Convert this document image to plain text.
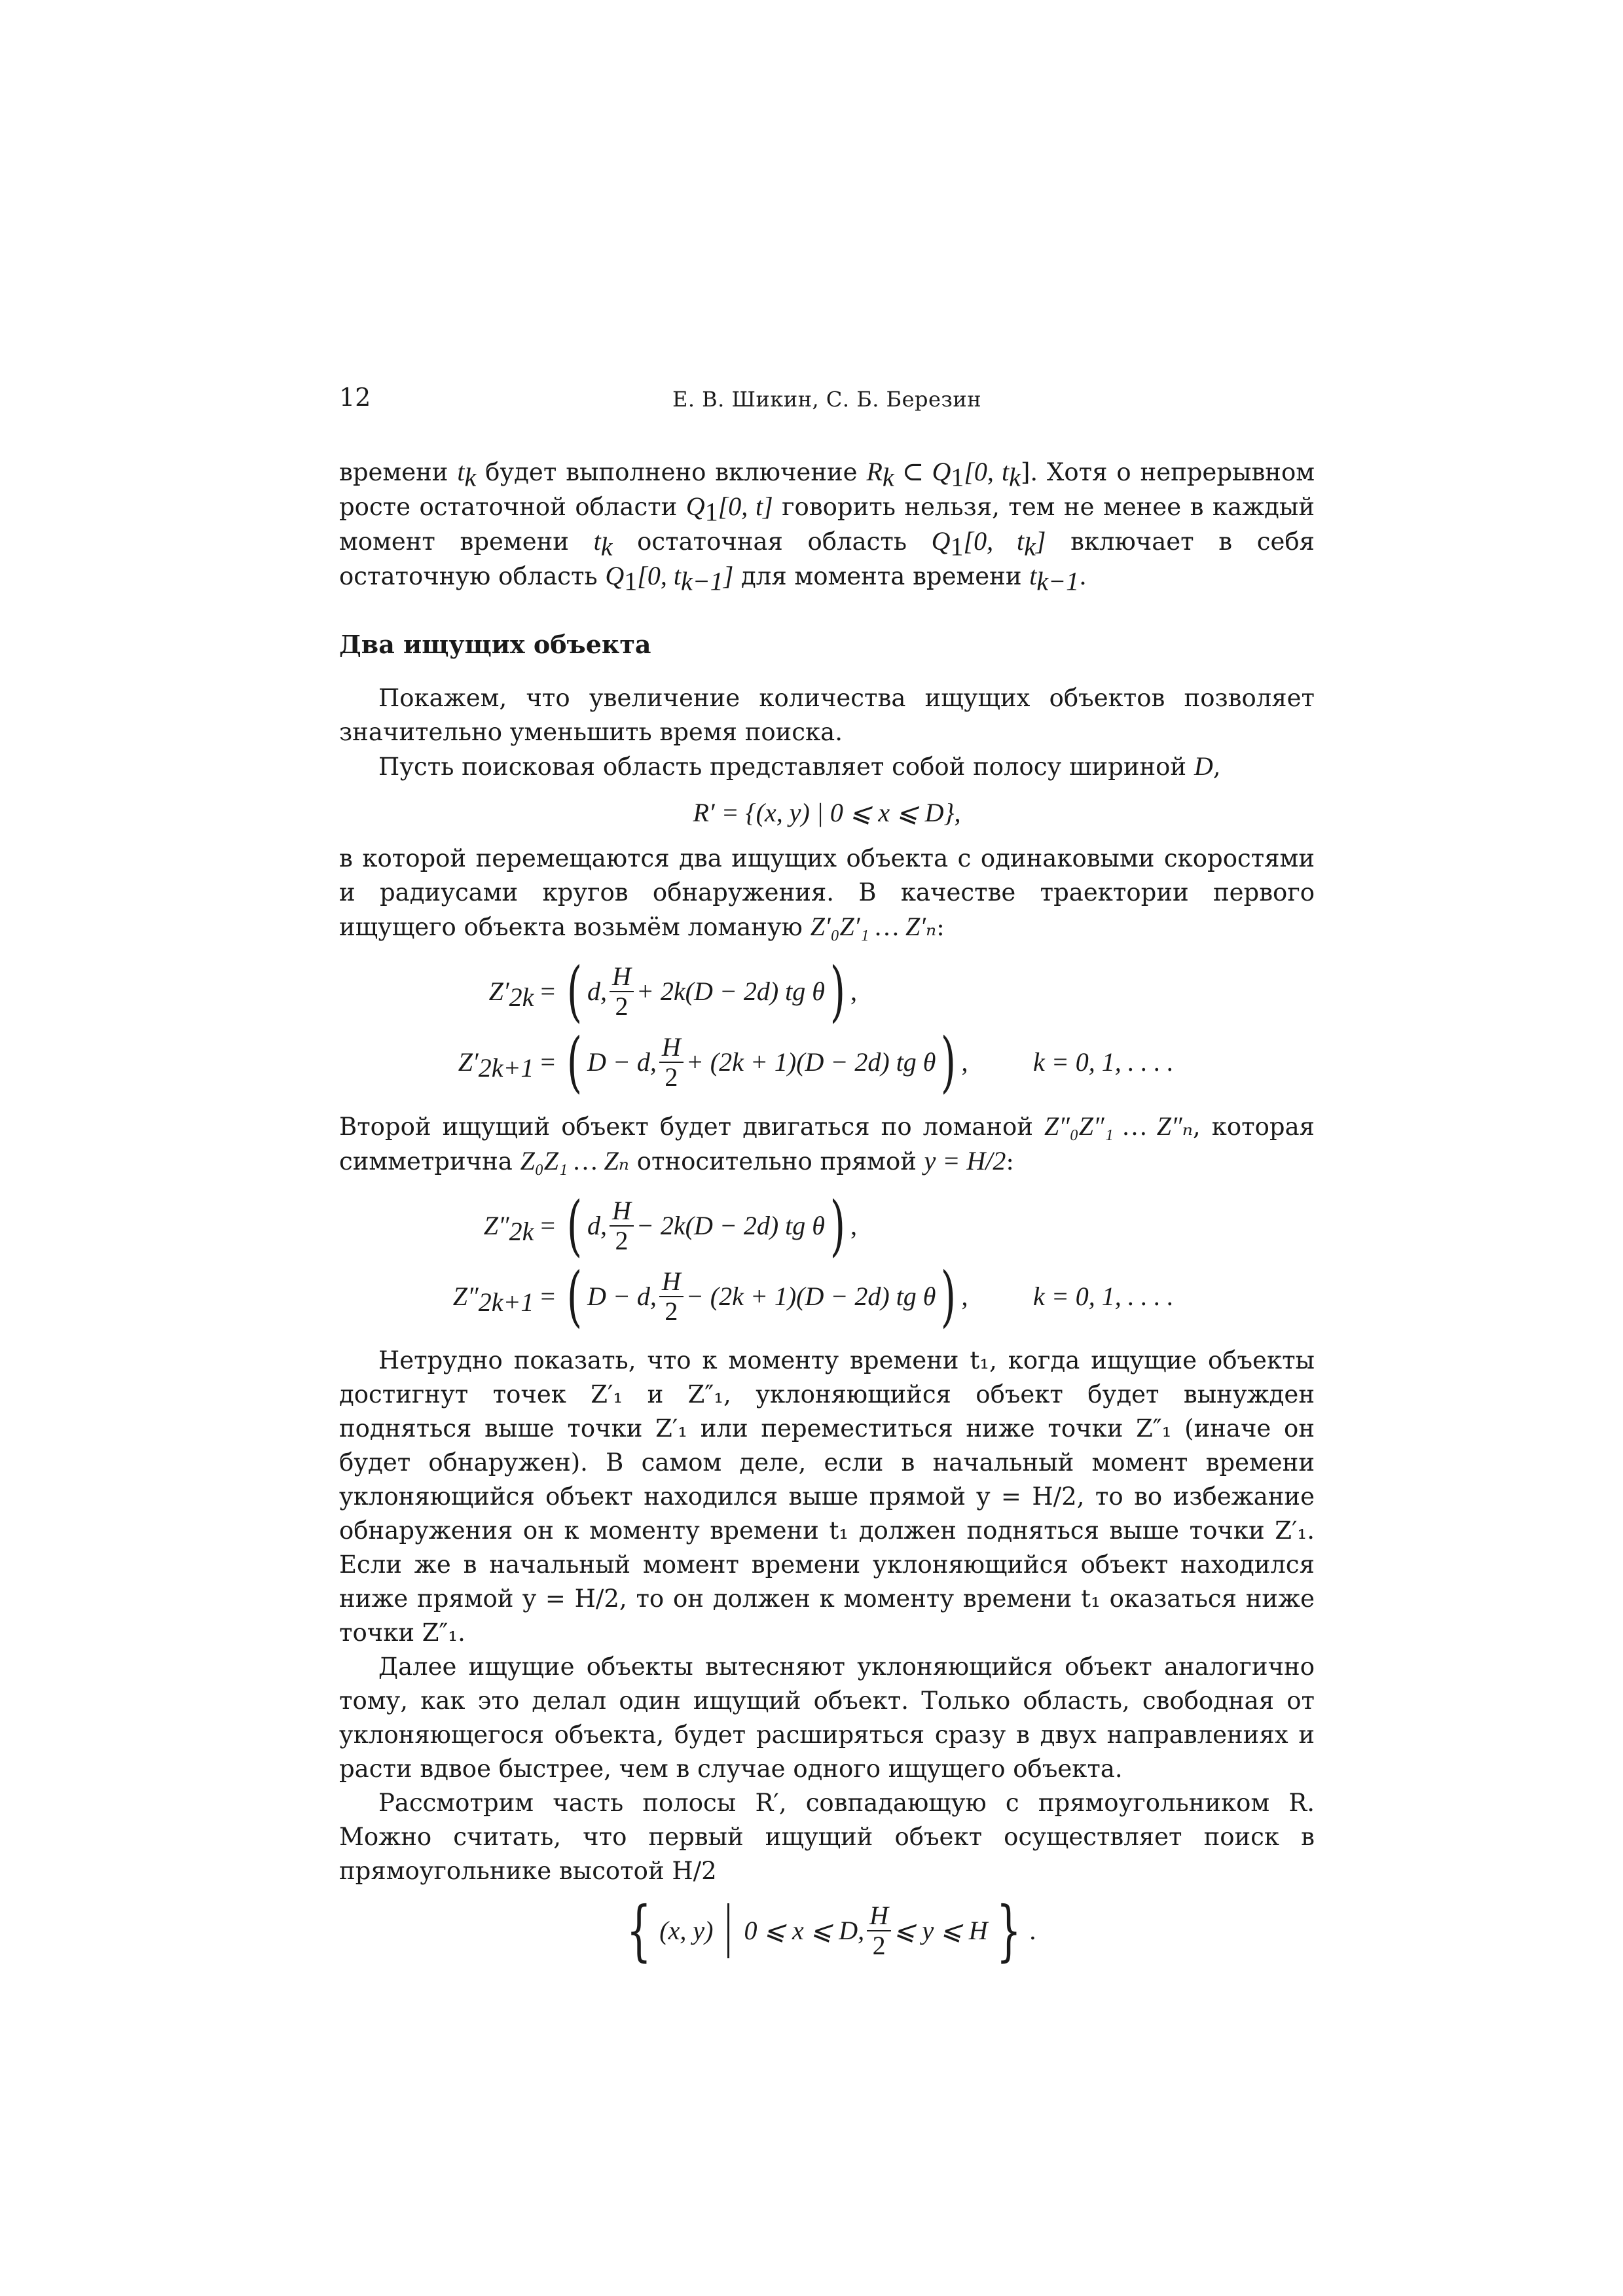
12	Е. В. Шикин, С. Б. Березин

времени $t_k$ будет выполнено включение $R_k$ ⊂ $Q_1[0$, $t_k$]. Хотя о непрерывном росте остаточной области $Q_1[0$, t] говорить нельзя, тем не менее в каждый момент времени $t_k$ остаточная область $Q_1[0$, $t_k$] включает в себя остаточную область $Q_1[0$, $t_{k-1}$] для момента времени $t_{k-1}$.

Два ищущих объекта

Покажем, что увеличение количества ищущих объектов позволяет значительно уменьшить время поиска.

Пусть поисковая область представляет собой полосу шириной D,

R′ = {(x, y) | 0 ⩽ x ⩽ D},

в которой перемещаются два ищущих объекта с одинаковыми скоростями и радиусами кругов обнаружения. В качестве траектории первого ищущего объекта возьмём ломаную Z′₀Z′₁ … Z′ₙ:

$Z'_{2k}$ = ( d, $\frac{H}{2} + 2k(D - 2d)$ tg θ ) ,
$Z'_{2k+1}$ = ( D − d, $\frac{H}{2} + (2k + 1)(D - 2d)$ tg θ ) , k = 0, 1, . . . .

Второй ищущий объект будет двигаться по ломаной Z″₀Z″₁ … Z″ₙ, которая симметрична Z₀Z₁ … Zₙ относительно прямой y = H/2:

$Z''_{2k}$ = ( d, $\frac{H}{2} - 2k(D - 2d)$ tg θ ) ,
$Z''_{2k+1}$ = ( D − d, $\frac{H}{2} - (2k + 1)(D - 2d)$ tg θ ) , k = 0, 1, . . . .

Нетрудно показать, что к моменту времени t₁, когда ищущие объекты достигнут точек Z′₁ и Z″₁, уклоняющийся объект будет вынужден подняться выше точки Z′₁ или переместиться ниже точки Z″₁ (иначе он будет обнаружен). В самом деле, если в начальный момент времени уклоняющийся объект находился выше прямой y = H/2, то во избежание обнаружения он к моменту времени t₁ должен подняться выше точки Z′₁. Если же в начальный момент времени уклоняющийся объект находился ниже прямой y = H/2, то он должен к моменту времени t₁ оказаться ниже точки Z″₁.

Далее ищущие объекты вытесняют уклоняющийся объект аналогично тому, как это делал один ищущий объект. Только область, свободная от уклоняющегося объекта, будет расширяться сразу в двух направлениях и расти вдвое быстрее, чем в случае одного ищущего объекта.

Рассмотрим часть полосы R′, совпадающую с прямоугольником R. Можно считать, что первый ищущий объект осуществляет поиск в прямоугольнике высотой H/2

{ (x, y) 0 ⩽ x ⩽ D, $\frac{H}{2}$ ⩽ y ⩽ H } .
